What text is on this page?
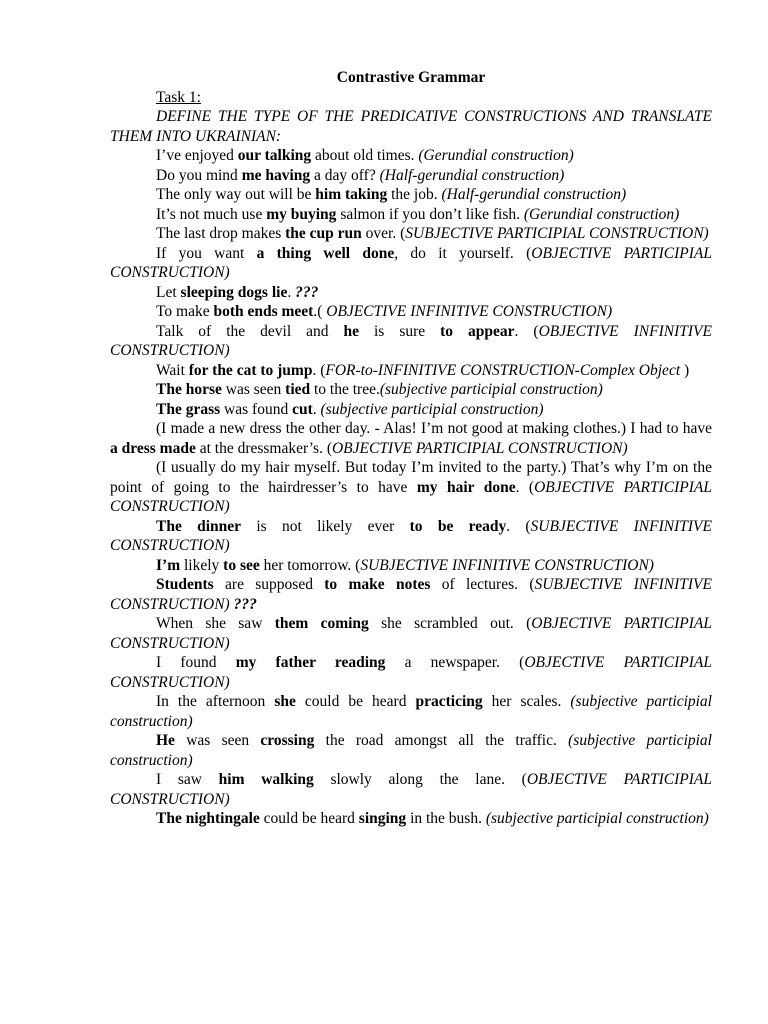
Contrastive Grammar

Task 1:

DEFINE THE TYPE OF THE PREDICATIVE CONSTRUCTIONS AND TRANSLATE THEM INTO UKRAINIAN:

I’ve enjoyed our talking about old times. (Gerundial construction)

Do you mind me having a day off? (Half-gerundial construction)

The only way out will be him taking the job. (Half-gerundial construction)

It’s not much use my buying salmon if you don’t like fish. (Gerundial construction)

The last drop makes the cup run over. (SUBJECTIVE PARTICIPIAL CONSTRUCTION)

If you want a thing well done, do it yourself. (OBJECTIVE PARTICIPIAL CONSTRUCTION)

Let sleeping dogs lie. ???

To make both ends meet.( OBJECTIVE INFINITIVE CONSTRUCTION)

Talk of the devil and he is sure to appear. (OBJECTIVE INFINITIVE CONSTRUCTION)

Wait for the cat to jump. (FOR-to-INFINITIVE CONSTRUCTION-Complex Object )

The horse was seen tied to the tree.(subjective participial construction)

The grass was found cut. (subjective participial construction)

(I made a new dress the other day. - Alas! I’m not good at making clothes.) I had to have a dress made at the dressmaker’s. (OBJECTIVE PARTICIPIAL CONSTRUCTION)

(I usually do my hair myself. But today I’m invited to the party.) That’s why I’m on the point of going to the hairdresser’s to have my hair done. (OBJECTIVE PARTICIPIAL CONSTRUCTION)

The dinner is not likely ever to be ready. (SUBJECTIVE INFINITIVE CONSTRUCTION)

I’m likely to see her tomorrow. (SUBJECTIVE INFINITIVE CONSTRUCTION)

Students are supposed to make notes of lectures. (SUBJECTIVE INFINITIVE CONSTRUCTION) ???

When she saw them coming she scrambled out. (OBJECTIVE PARTICIPIAL CONSTRUCTION)

I found my father reading a newspaper. (OBJECTIVE PARTICIPIAL CONSTRUCTION)

In the afternoon she could be heard practicing her scales. (subjective participial construction)

He was seen crossing the road amongst all the traffic. (subjective participial construction)

I saw him walking slowly along the lane. (OBJECTIVE PARTICIPIAL CONSTRUCTION)

The nightingale could be heard singing in the bush. (subjective participial construction)
